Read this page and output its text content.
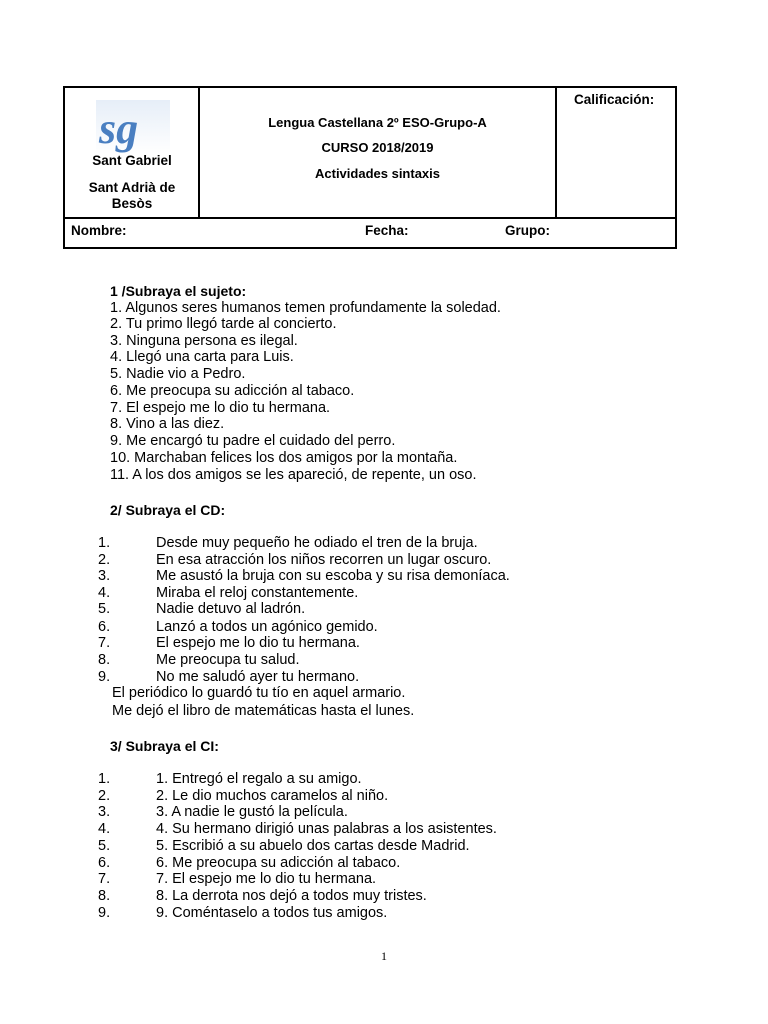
sg
Sant Gabriel
Sant Adrià de
Besòs
Lengua Castellana 2º ESO-Grupo-A
CURSO 2018/2019
Actividades sintaxis
Calificación:
Nombre:	Fecha:	Grupo:
1 /Subraya el sujeto:
1. Algunos seres humanos temen profundamente la soledad.
2. Tu primo llegó tarde al concierto.
3. Ninguna persona es ilegal.
4. Llegó una carta para Luis.
5. Nadie vio a Pedro.
6. Me preocupa su adicción al tabaco.
7. El espejo me lo dio tu hermana.
8. Vino a las diez.
9. Me encargó tu padre el cuidado del perro.
10. Marchaban felices los dos amigos por la montaña.
11. A los dos amigos se les apareció, de repente, un oso.
2/ Subraya el CD:
1.	Desde muy pequeño he odiado el tren de la bruja.
2.	En esa atracción los niños recorren un lugar oscuro.
3.	Me asustó la bruja con su escoba y su risa demoníaca.
4.	Miraba el reloj constantemente.
5.	Nadie detuvo al ladrón.
6.	Lanzó a todos un agónico gemido.
7.	El espejo me lo dio tu hermana.
8.	Me preocupa tu salud.
9.	No me saludó ayer tu hermano.
El periódico lo guardó tu tío en aquel armario.
Me dejó el libro de matemáticas hasta el lunes.
3/ Subraya el CI:
1.	1. Entregó el regalo a su amigo.
2.	2. Le dio muchos caramelos al niño.
3.	3. A nadie le gustó la película.
4.	4. Su hermano dirigió unas palabras a los asistentes.
5.	5. Escribió a su abuelo dos cartas desde Madrid.
6.	6. Me preocupa su adicción al tabaco.
7.	7. El espejo me lo dio tu hermana.
8.	8. La derrota nos dejó a todos muy tristes.
9.	9. Coméntaselo a todos tus amigos.
1
